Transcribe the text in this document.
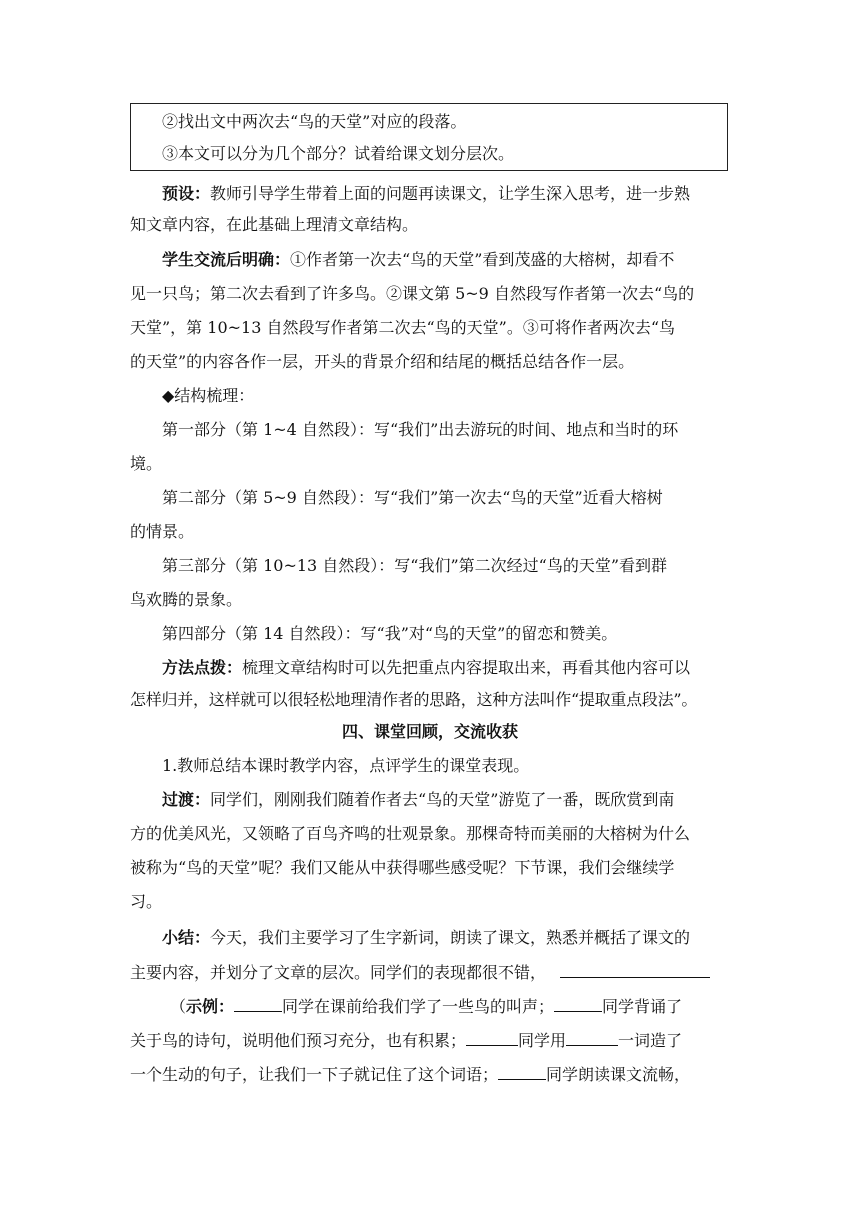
②找出文中两次去“鸟的天堂”对应的段落。
③本文可以分为几个部分？试着给课文划分层次。
预设：教师引导学生带着上面的问题再读课文，让学生深入思考，进一步熟
知文章内容，在此基础上理清文章结构。
学生交流后明确：①作者第一次去“鸟的天堂”看到茂盛的大榕树，却看不
见一只鸟；第二次去看到了许多鸟。②课文第 5~9 自然段写作者第一次去“鸟的
天堂”，第 10~13 自然段写作者第二次去“鸟的天堂”。③可将作者两次去“鸟
的天堂”的内容各作一层，开头的背景介绍和结尾的概括总结各作一层。
◆结构梳理：
第一部分（第 1~4 自然段）：写“我们”出去游玩的时间、地点和当时的环
境。
第二部分（第 5~9 自然段）：写“我们”第一次去“鸟的天堂”近看大榕树
的情景。
第三部分（第 10~13 自然段）：写“我们”第二次经过“鸟的天堂”看到群
鸟欢腾的景象。
第四部分（第 14 自然段）：写“我”对“鸟的天堂”的留恋和赞美。
方法点拨：梳理文章结构时可以先把重点内容提取出来，再看其他内容可以
怎样归并，这样就可以很轻松地理清作者的思路，这种方法叫作“提取重点段法”。
四、课堂回顾，交流收获
1.教师总结本课时教学内容，点评学生的课堂表现。
过渡：同学们，刚刚我们随着作者去“鸟的天堂”游览了一番，既欣赏到南
方的优美风光，又领略了百鸟齐鸣的壮观景象。那棵奇特而美丽的大榕树为什么
被称为“鸟的天堂”呢？我们又能从中获得哪些感受呢？下节课，我们会继续学
习。
小结：今天，我们主要学习了生字新词，朗读了课文，熟悉并概括了课文的
主要内容，并划分了文章的层次。同学们的表现都很不错，
（示例：	同学在课前给我们学了一些鸟的叫声；	同学背诵了
关于鸟的诗句，说明他们预习充分，也有积累；	同学用	一词造了
一个生动的句子，让我们一下子就记住了这个词语；	同学朗读课文流畅，
